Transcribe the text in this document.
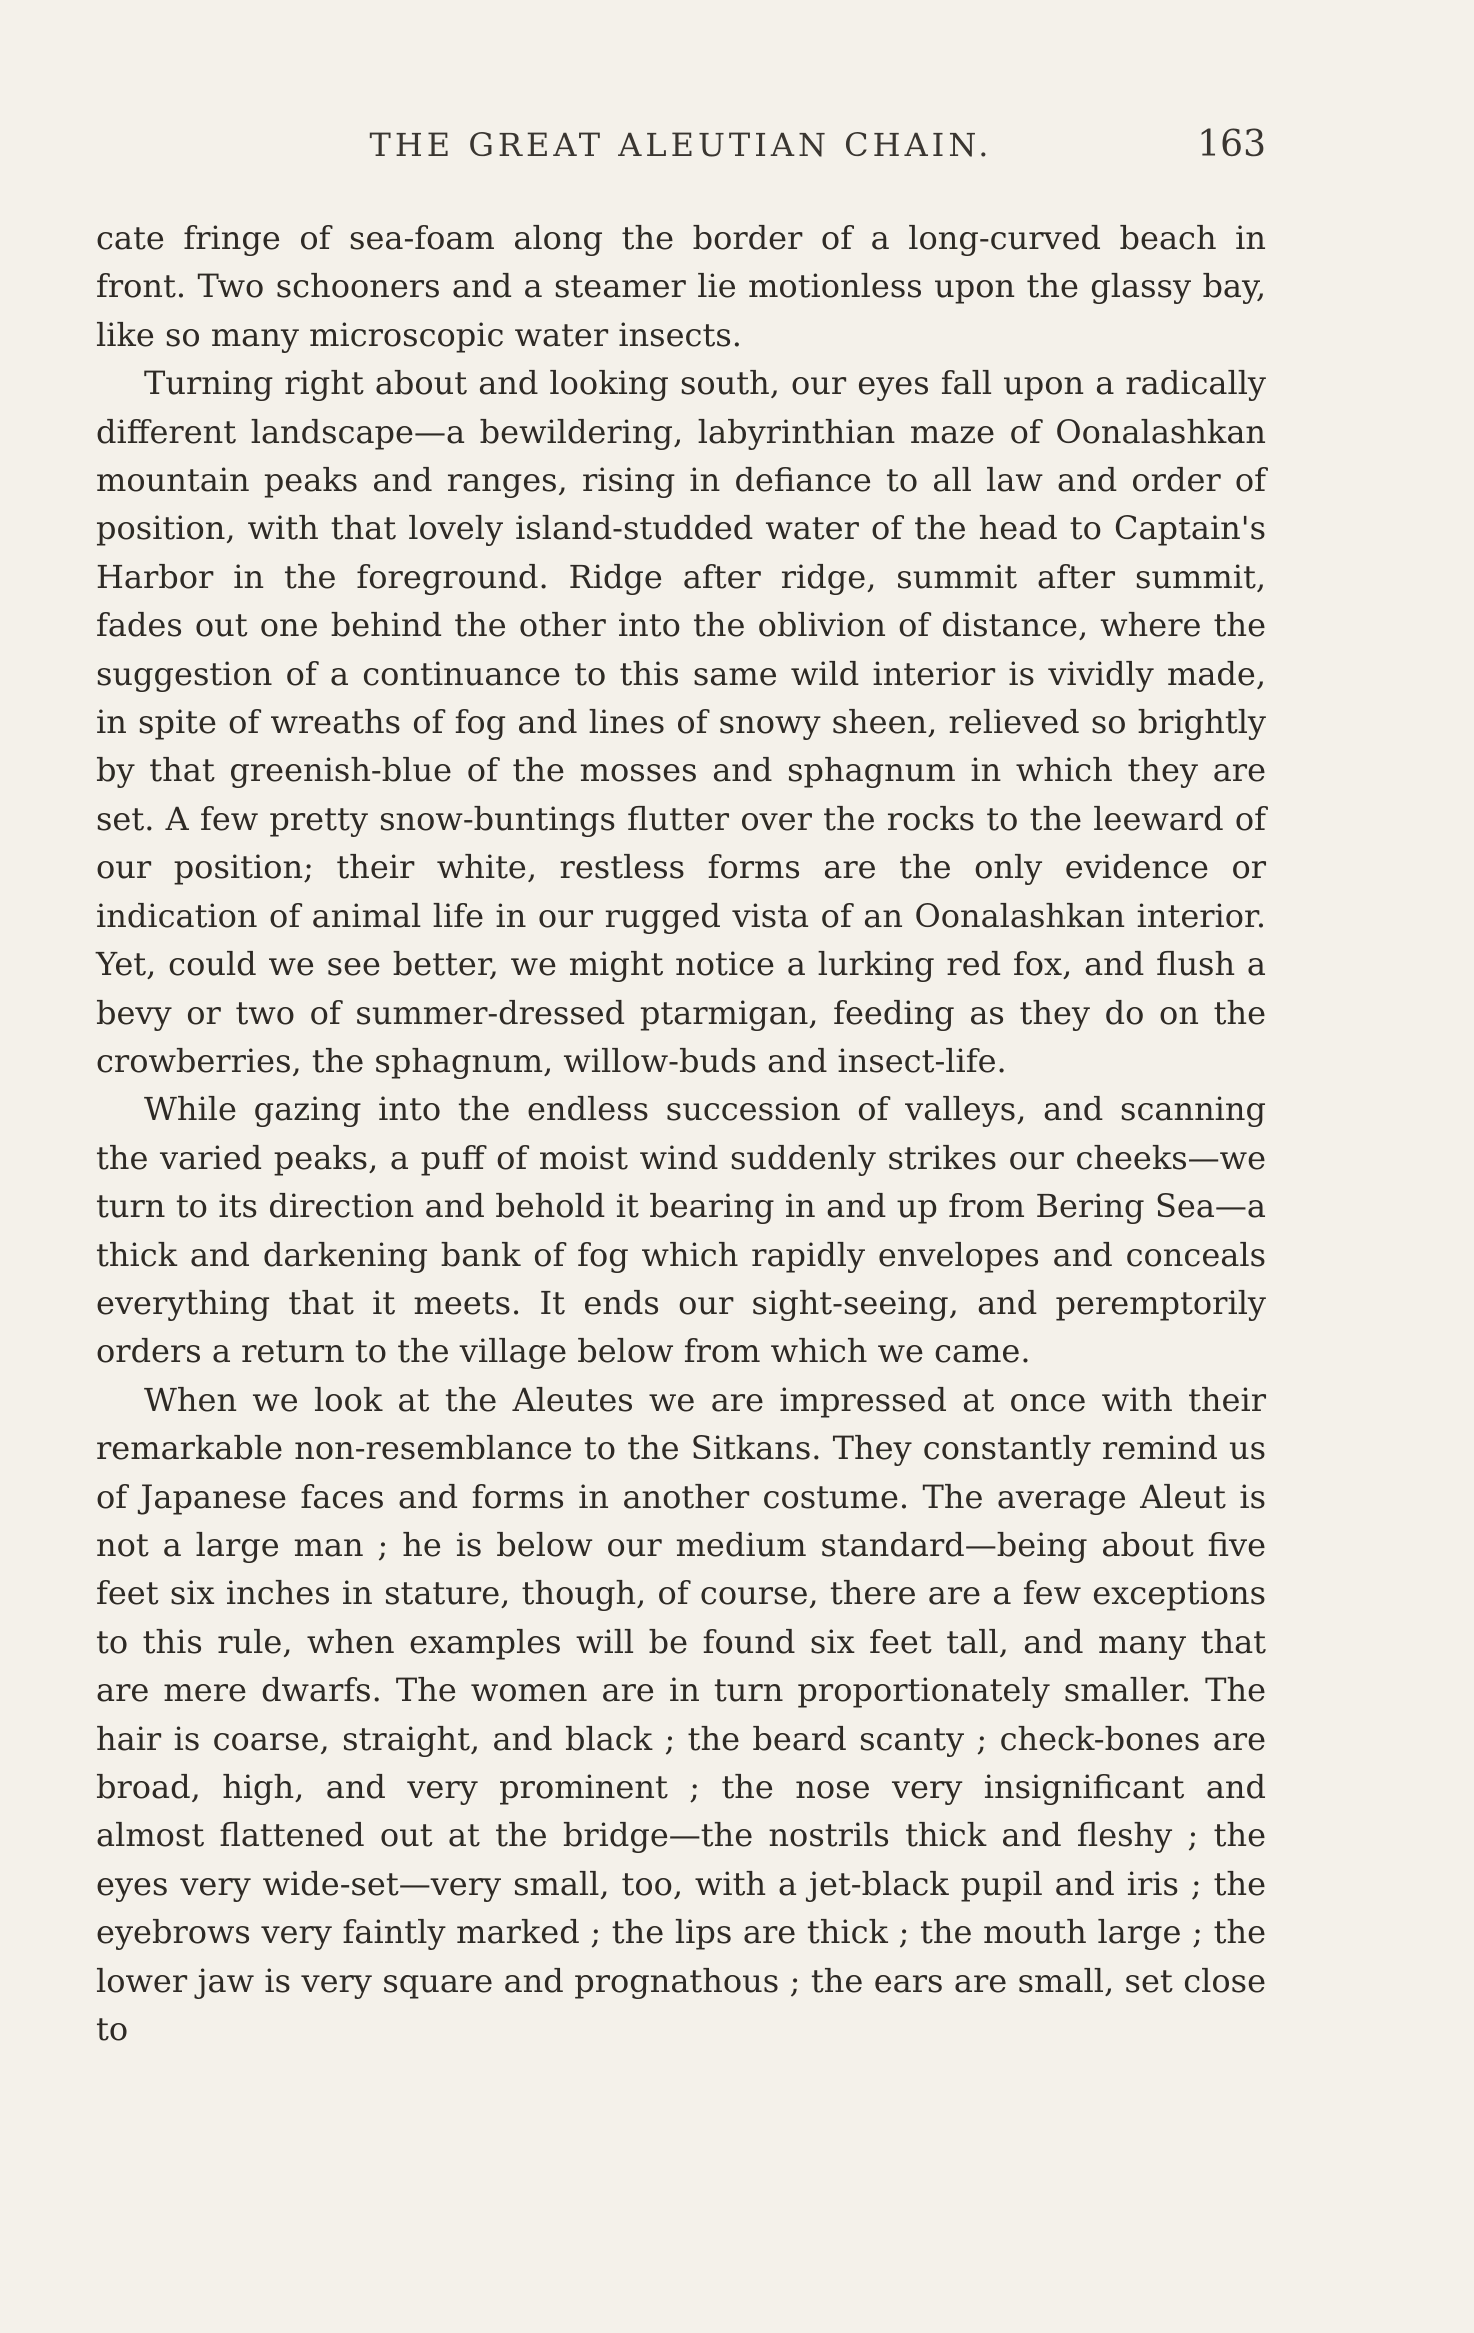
THE GREAT ALEUTIAN CHAIN.	163

cate fringe of sea-foam along the border of a long-curved beach in front. Two schooners and a steamer lie motionless upon the glassy bay, like so many microscopic water insects.

Turning right about and looking south, our eyes fall upon a radically different landscape—a bewildering, labyrinthian maze of Oonalashkan mountain peaks and ranges, rising in defiance to all law and order of position, with that lovely island-studded water of the head to Captain's Harbor in the foreground. Ridge after ridge, summit after summit, fades out one behind the other into the oblivion of distance, where the suggestion of a continuance to this same wild interior is vividly made, in spite of wreaths of fog and lines of snowy sheen, relieved so brightly by that greenish-blue of the mosses and sphagnum in which they are set. A few pretty snow-buntings flutter over the rocks to the leeward of our position; their white, restless forms are the only evidence or indication of animal life in our rugged vista of an Oonalashkan interior. Yet, could we see better, we might notice a lurking red fox, and flush a bevy or two of summer-dressed ptarmigan, feeding as they do on the crowberries, the sphagnum, willow-buds and insect-life.

While gazing into the endless succession of valleys, and scanning the varied peaks, a puff of moist wind suddenly strikes our cheeks—we turn to its direction and behold it bearing in and up from Bering Sea—a thick and darkening bank of fog which rapidly envelopes and conceals everything that it meets. It ends our sight-seeing, and peremptorily orders a return to the village below from which we came.

When we look at the Aleutes we are impressed at once with their remarkable non-resemblance to the Sitkans. They constantly remind us of Japanese faces and forms in another costume. The average Aleut is not a large man ; he is below our medium standard—being about five feet six inches in stature, though, of course, there are a few exceptions to this rule, when examples will be found six feet tall, and many that are mere dwarfs. The women are in turn proportionately smaller. The hair is coarse, straight, and black ; the beard scanty ; check-bones are broad, high, and very prominent ; the nose very insignificant and almost flattened out at the bridge—the nostrils thick and fleshy ; the eyes very wide-set—very small, too, with a jet-black pupil and iris ; the eyebrows very faintly marked ; the lips are thick ; the mouth large ; the lower jaw is very square and prognathous ; the ears are small, set close to
